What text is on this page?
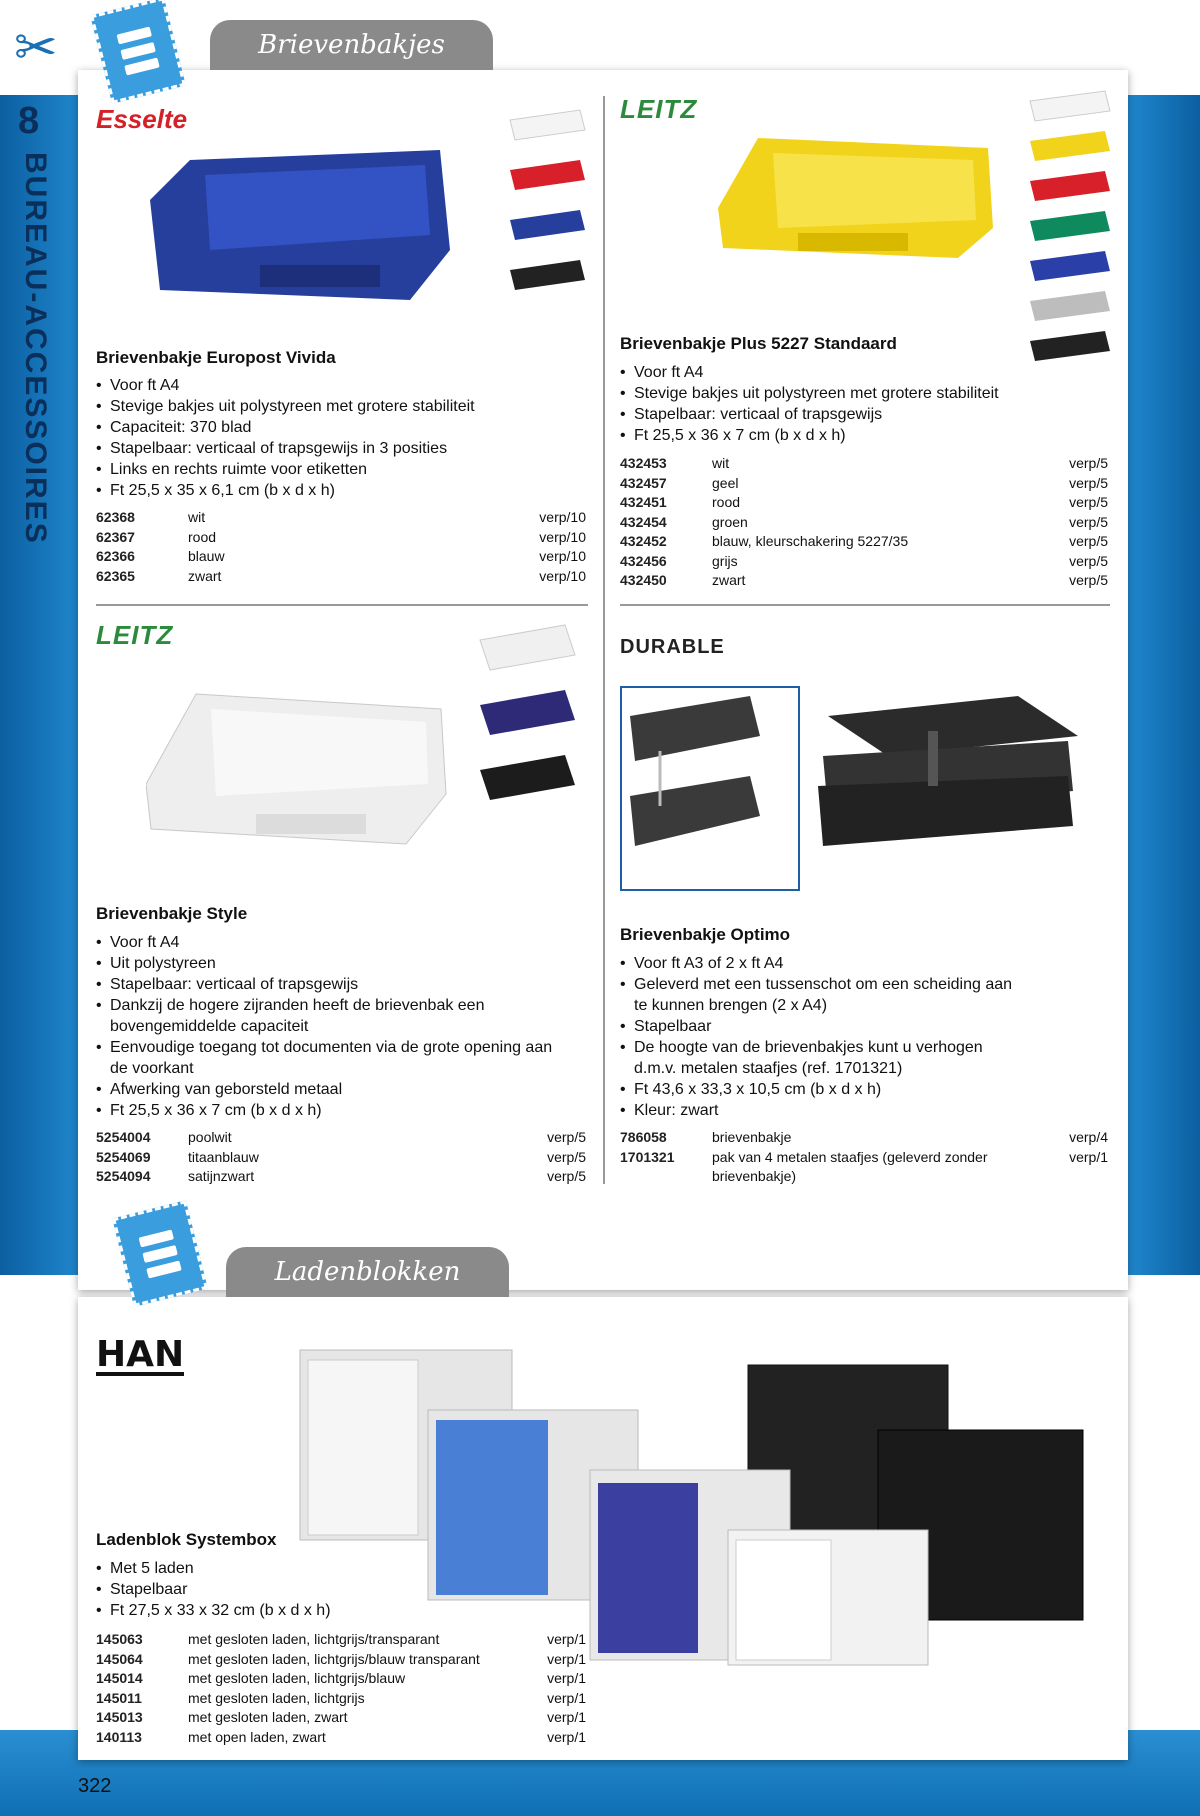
✂
8
BUREAU-ACCESSOIRES
Brievenbakjes
Ladenblokken
Esselte
Brievenbakje Europost Vivida
• Voor ft A4
• Stevige bakjes uit polystyreen met grotere stabiliteit
• Capaciteit: 370 blad
• Stapelbaar: verticaal of trapsgewijs in 3 posities
• Links en rechts ruimte voor etiketten
• Ft 25,5 x 35 x 6,1 cm (b x d x h)
62368	wit	verp/10
62367	rood	verp/10
62366	blauw	verp/10
62365	zwart	verp/10
LEITZ
Brievenbakje Plus 5227 Standaard
• Voor ft A4
• Stevige bakjes uit polystyreen met grotere stabiliteit
• Stapelbaar: verticaal of trapsgewijs
• Ft 25,5 x 36 x 7 cm (b x d x h)
432453	wit	verp/5
432457	geel	verp/5
432451	rood	verp/5
432454	groen	verp/5
432452	blauw, kleurschakering 5227/35	verp/5
432456	grijs	verp/5
432450	zwart	verp/5
LEITZ
Brievenbakje Style
• Voor ft A4
• Uit polystyreen
• Stapelbaar: verticaal of trapsgewijs
• Dankzij de hogere zijranden heeft de brievenbak een bovengemiddelde capaciteit
• Eenvoudige toegang tot documenten via de grote opening aan de voorkant
• Afwerking van geborsteld metaal
• Ft 25,5 x 36 x 7 cm (b x d x h)
5254004	poolwit	verp/5
5254069	titaanblauw	verp/5
5254094	satijnzwart	verp/5
DURABLE
Brievenbakje Optimo
• Voor ft A3 of 2 x ft A4
• Geleverd met een tussenschot om een scheiding aan te kunnen brengen (2 x A4)
• Stapelbaar
• De hoogte van de brievenbakjes kunt u verhogen d.m.v. metalen staafjes (ref. 1701321)
• Ft 43,6 x 33,3 x 10,5 cm (b x d x h)
• Kleur: zwart
786058	brievenbakje	verp/4
1701321	pak van 4 metalen staafjes (geleverd zonder brievenbakje)	verp/1
HAN
Ladenblok Systembox
• Met 5 laden
• Stapelbaar
• Ft 27,5 x 33 x 32 cm (b x d x h)
145063	met gesloten laden, lichtgrijs/transparant	verp/1
145064	met gesloten laden, lichtgrijs/blauw transparant	verp/1
145014	met gesloten laden, lichtgrijs/blauw	verp/1
145011	met gesloten laden, lichtgrijs	verp/1
145013	met gesloten laden, zwart	verp/1
140113	met open laden, zwart	verp/1
322
